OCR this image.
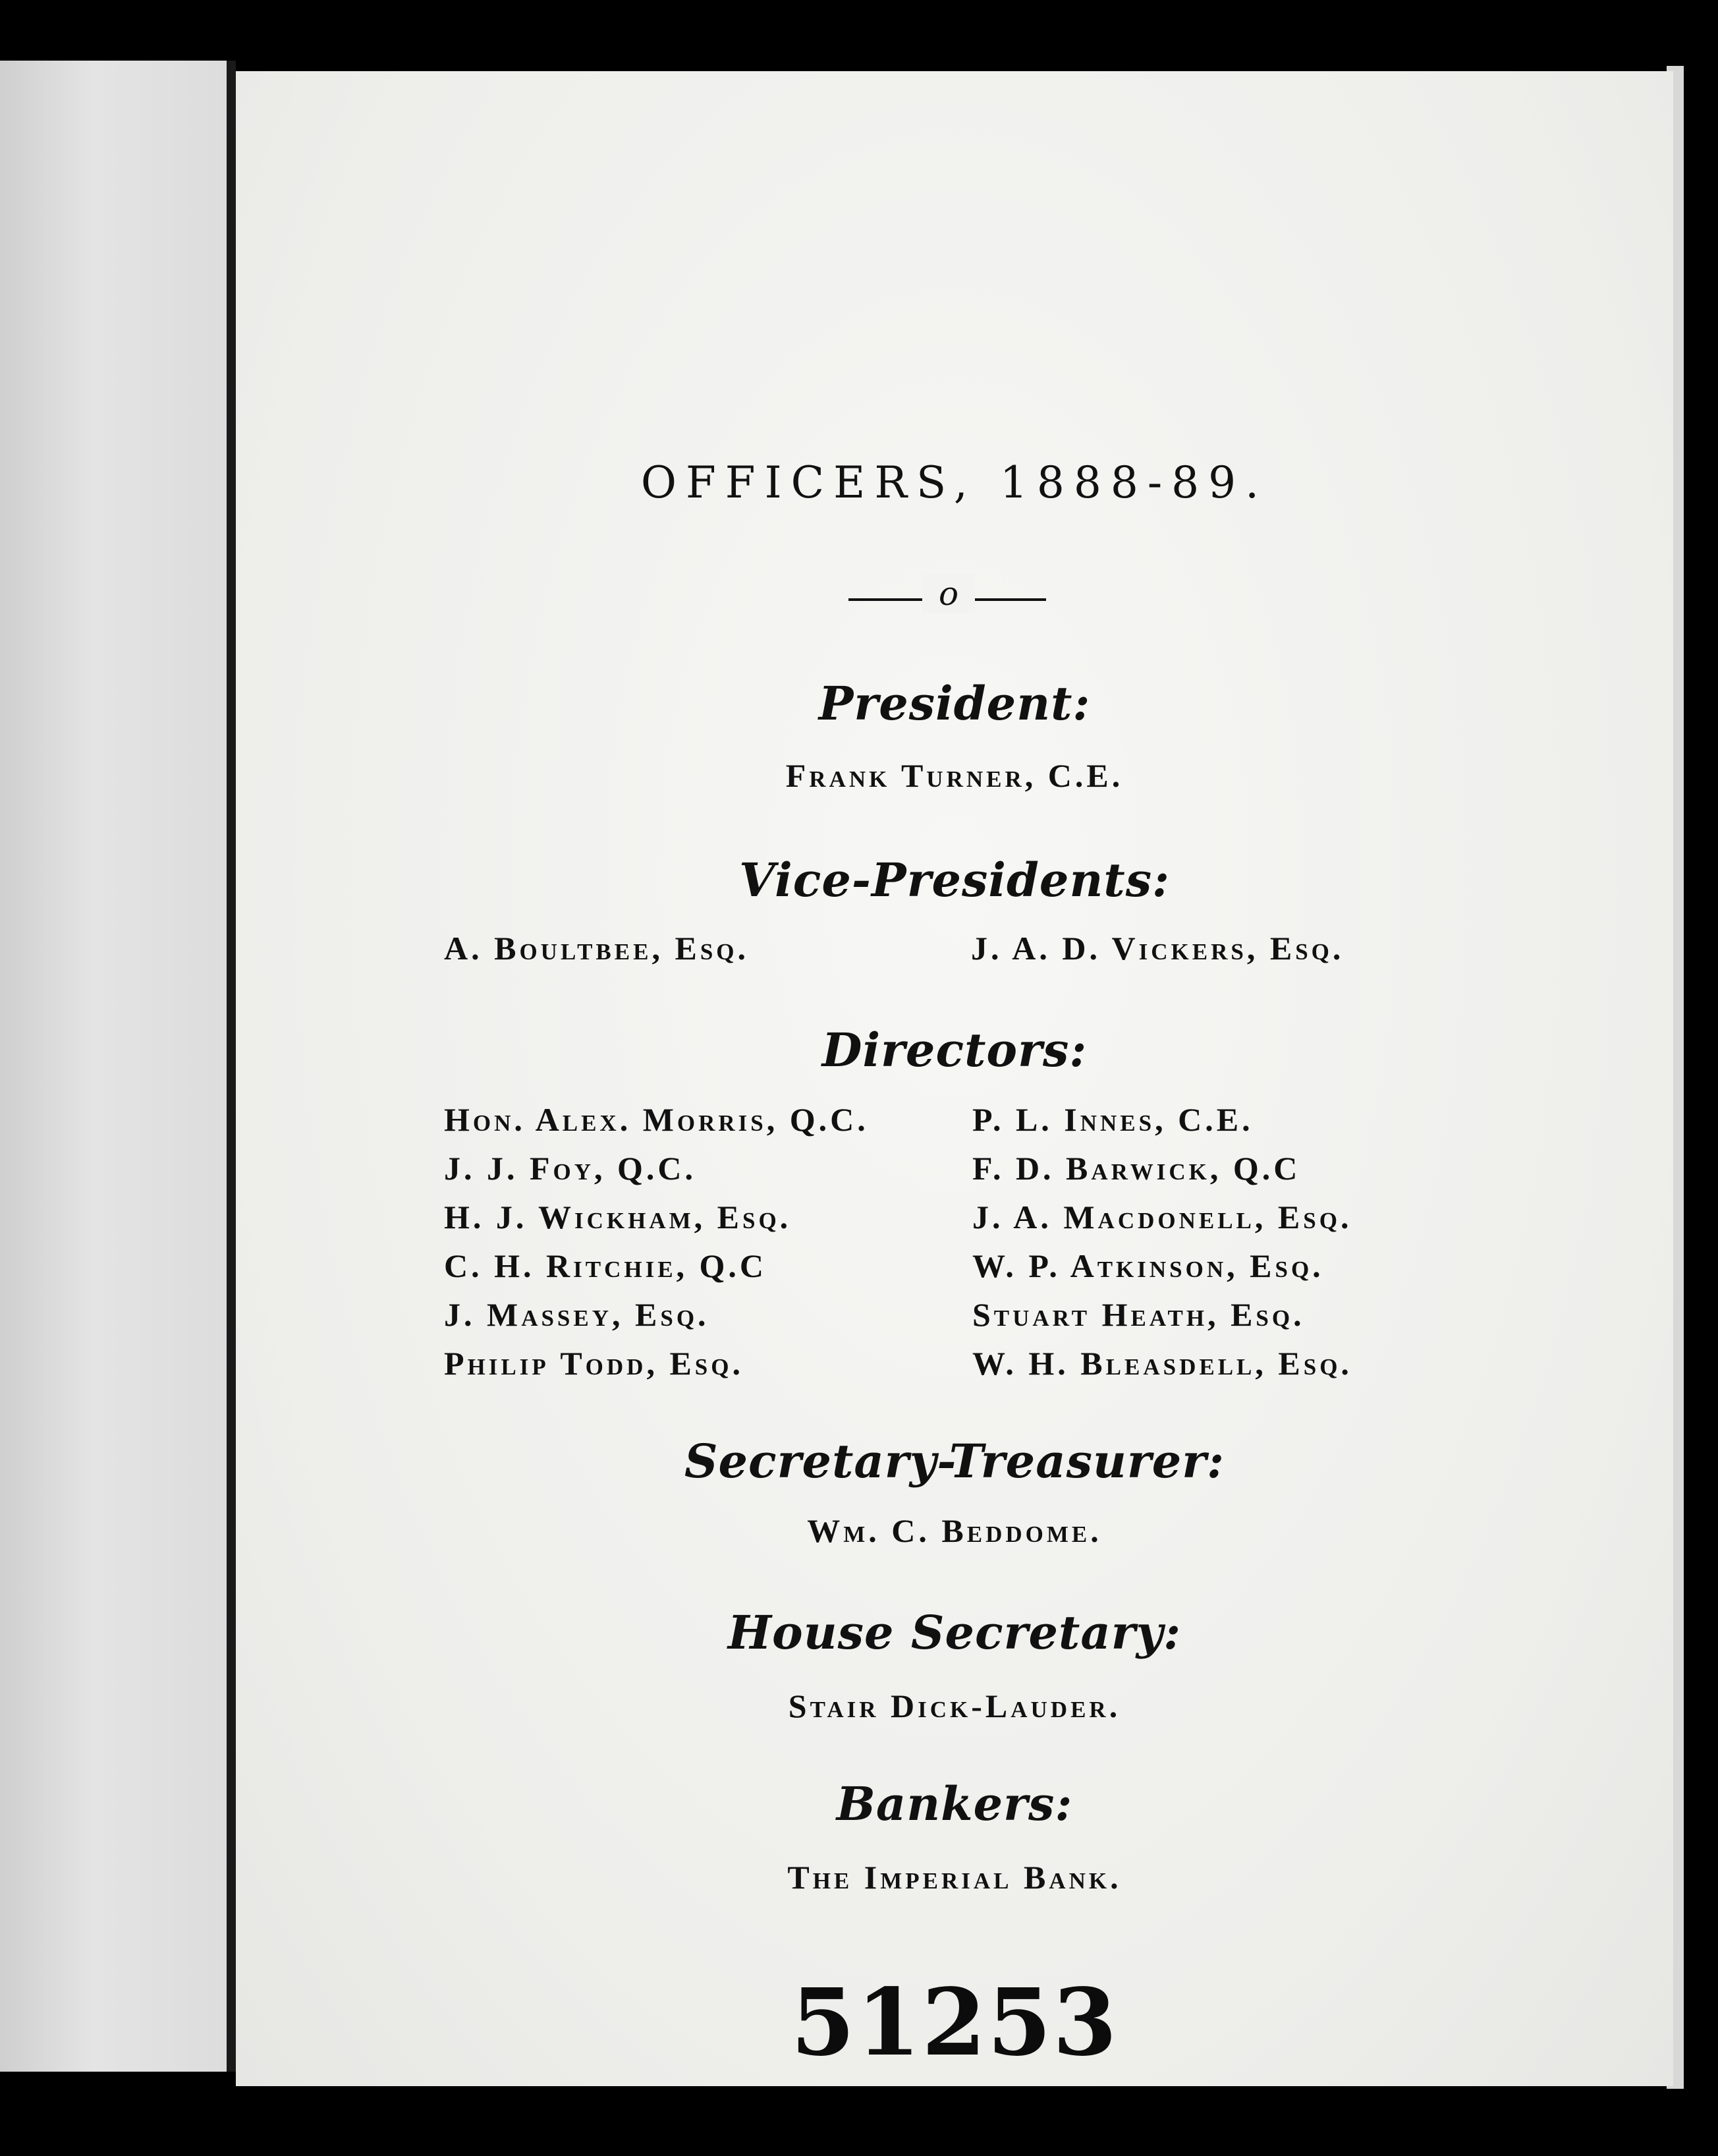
OFFICERS, 1888-89.
o
President:
Frank Turner, C.E.
Vice-Presidents:
A. Boultbee, Esq.	J. A. D. Vickers, Esq.
Directors:
Hon. Alex. Morris, Q.C.
J. J. Foy, Q.C.
H. J. Wickham, Esq.
C. H. Ritchie, Q.C
J. Massey, Esq.
Philip Todd, Esq.
P. L. Innes, C.E.
F. D. Barwick, Q.C
J. A. Macdonell, Esq.
W. P. Atkinson, Esq.
Stuart Heath, Esq.
W. H. Bleasdell, Esq.
Secretary-Treasurer:
Wm. C. Beddome.
House Secretary:
Stair Dick-Lauder.
Bankers:
The Imperial Bank.
51253
